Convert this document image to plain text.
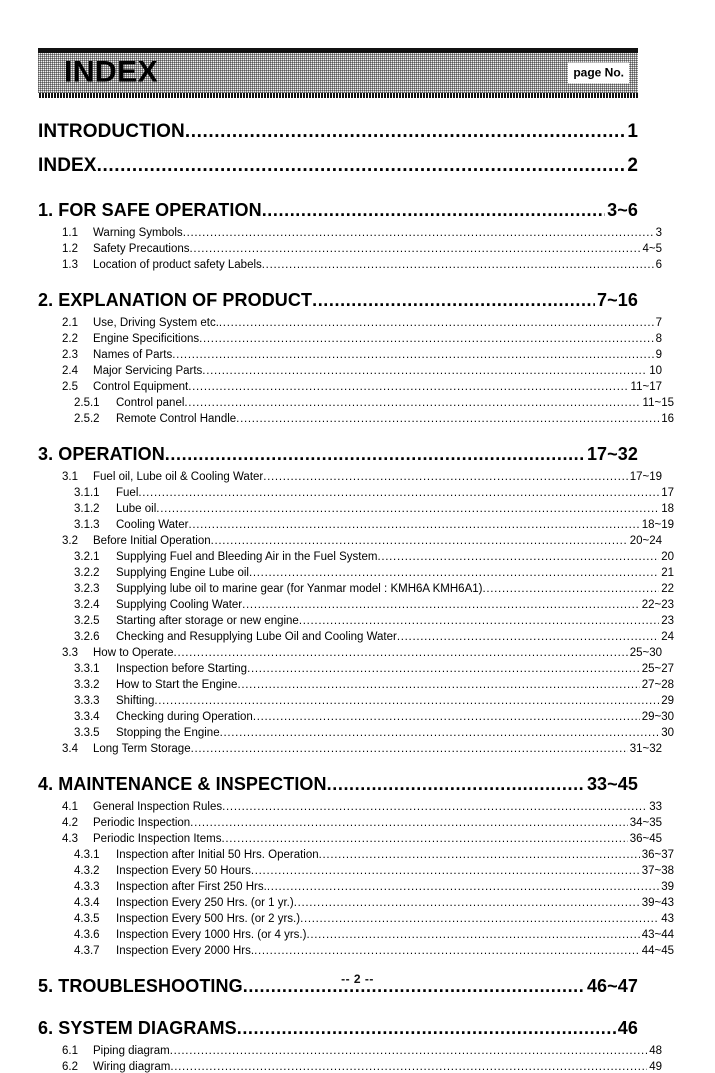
INDEX	page No.
INTRODUCTION .....	1
INDEX .....	2
1. FOR SAFE OPERATION .....	3~6
1.1	Warning Symbols .....	3
1.2	Safety Precautions .....	4~5
1.3	Location of product safety Labels .....	6
2. EXPLANATION OF PRODUCT .....	7~16
2.1	Use, Driving System etc. .....	7
2.2	Engine Specificitions .....	8
2.3	Names of Parts .....	9
2.4	Major Servicing Parts .....	10
2.5	Control Equipment .....	11~17
2.5.1	Control panel .....	11~15
2.5.2	Remote Control Handle .....	16
3. OPERATION .....	17~32
3.1	Fuel oil, Lube oil & Cooling Water .....	17~19
3.1.1	Fuel .....	17
3.1.2	Lube oil .....	18
3.1.3	Cooling Water .....	18~19
3.2	Before Initial Operation .....	20~24
3.2.1	Supplying Fuel and Bleeding Air in the Fuel System .....	20
3.2.2	Supplying Engine Lube oil .....	21
3.2.3	Supplying lube oil to marine gear (for Yanmar model : KMH6A KMH6A1) .....	22
3.2.4	Supplying Cooling Water .....	22~23
3.2.5	Starting after storage or new engine .....	23
3.2.6	Checking and Resupplying Lube Oil and Cooling Water .....	24
3.3	How to Operate .....	25~30
3.3.1	Inspection before Starting .....	25~27
3.3.2	How to Start the Engine .....	27~28
3.3.3	Shifting .....	29
3.3.4	Checking during Operation .....	29~30
3.3.5	Stopping the Engine .....	30
3.4	Long Term Storage .....	31~32
4. MAINTENANCE & INSPECTION .....	33~45
4.1	General Inspection Rules .....	33
4.2	Periodic Inspection .....	34~35
4.3	Periodic Inspection Items .....	36~45
4.3.1	Inspection after Initial 50 Hrs. Operation .....	36~37
4.3.2	Inspection Every 50 Hours .....	37~38
4.3.3	Inspection after First 250 Hrs. .....	39
4.3.4	Inspection Every 250 Hrs. (or 1 yr.) .....	39~43
4.3.5	Inspection Every 500 Hrs. (or 2 yrs.) .....	43
4.3.6	Inspection Every 1000 Hrs. (or 4 yrs.) .....	43~44
4.3.7	Inspection Every 2000 Hrs. .....	44~45
5. TROUBLESHOOTING .....	46~47
6. SYSTEM DIAGRAMS .....	46
6.1	Piping diagram .....	48
6.2	Wiring diagram .....	49
-- 2 --
